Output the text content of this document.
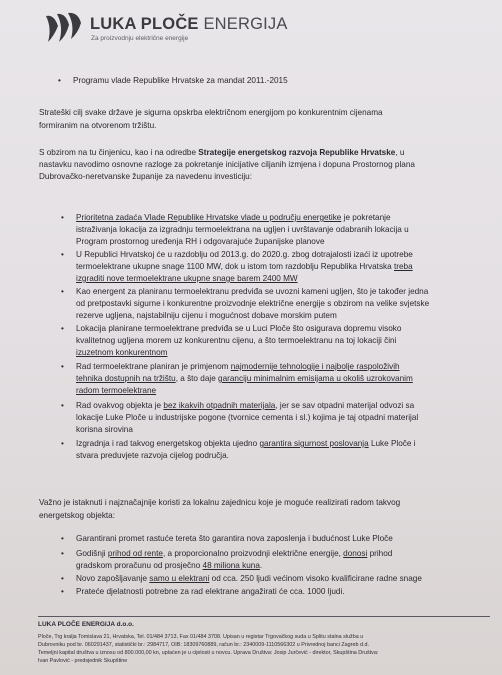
LUKA PLOČE ENERGIJA
Za proizvodnju električne energije
• Programu vlade Republike Hrvatske za mandat 2011.-2015
Strateški cilj svake države je sigurna opskrba električnom energijom po konkurentnim cijenama
formiranim na otvorenom tržištu.
S obzirom na tu činjenicu, kao i na odredbe Strategije energetskog razvoja Republike Hrvatske, u
nastavku navodimo osnovne razloge za pokretanje inicijative ciljanih izmjena i dopuna Prostornog plana
Dubrovačko-neretvanske županije za navedenu investiciju:
• Prioritetna zadaća Vlade Republike Hrvatske vlade u području energetike je pokretanje
istraživanja lokacija za izgradnju termoelektrana na ugljen i uvrštavanje odabranih lokacija u
Program prostornog uređenja RH i odgovarajuće županijske planove
• U Republici Hrvatskoj će u razdoblju od 2013.g. do 2020.g. zbog dotrajalosti izaći iz upotrebe
termoelektrane ukupne snage 1100 MW, dok u istom tom razdoblju Republika Hrvatska treba
izgraditi nove termoelektrane ukupne snage barem 2400 MW
• Kao energent za planiranu termoelektranu predviđa se uvozni kameni ugljen, što je također jedna
od pretpostavki sigurne i konkurentne proizvodnje električne energije s obzirom na velike svjetske
rezerve ugljena, najstabilniju cijenu i mogućnost dobave morskim putem
• Lokacija planirane termoelektrane predviđa se u Luci Ploče što osigurava dopremu visoko
kvalitetnog ugljena morem uz konkurentnu cijenu, a što termoelektranu na toj lokaciji čini
izuzetnom konkurentnom
• Rad termoelektrane planiran je primjenom najmodernije tehnologije i najbolje raspoloživih
tehnika dostupnih na tržištu, a što daje garanciju minimalnim emisijama u okoliš uzrokovanim
radom termoelektrane
• Rad ovakvog objekta je bez ikakvih otpadnih materijala, jer se sav otpadni materijal odvozi sa
lokacije Luke Ploče u industrijske pogone (tvornice cementa i sl.) kojima je taj otpadni materijal
korisna sirovina
• Izgradnja i rad takvog energetskog objekta ujedno garantira sigurnost poslovanja Luke Ploče i
stvara preduvjete razvoja cijelog područja.
Važno je istaknuti i najznačajnije koristi za lokalnu zajednicu koje je moguće realizirati radom takvog
energetskog objekta:
• Garantirani promet rastuće tereta što garantira nova zaposlenja i budućnost Luke Ploče
• Godišnji prihod od rente, a proporcionalno proizvodnji električne energije, donosi prihod
gradskom proračunu od prosječno 48 miliona kuna.
• Novo zapošljavanje samo u elektrani od cca. 250 ljudi većinom visoko kvalificirane radne snage
• Prateće djelatnosti potrebne za rad elektrane angažirati će cca. 1000 ljudi.
LUKA PLOČE ENERGIJA d.o.o.
Ploče, Trg kralja Tomislava 21, Hrvatska, Tel. 01/484 3713, Fax 01/484 3708. Upisan u registar Trgovačkog suda u Splitu stalna služba u
Dubrovniku pod br. 060291437, statistički br.: 2984717, OIB: 18309760889, račun br.: 2340009-1110566302 u Privrednoj banci Zagreb d.d.
Temeljni kapital društva u iznosu od 800.000,00 kn, uplaćen je u cijelosti u novcu. Uprava Društva: Josip Jurčević - direktor, Skupština Društva:
Ivan Pavlović - predsjednik Skupštine
